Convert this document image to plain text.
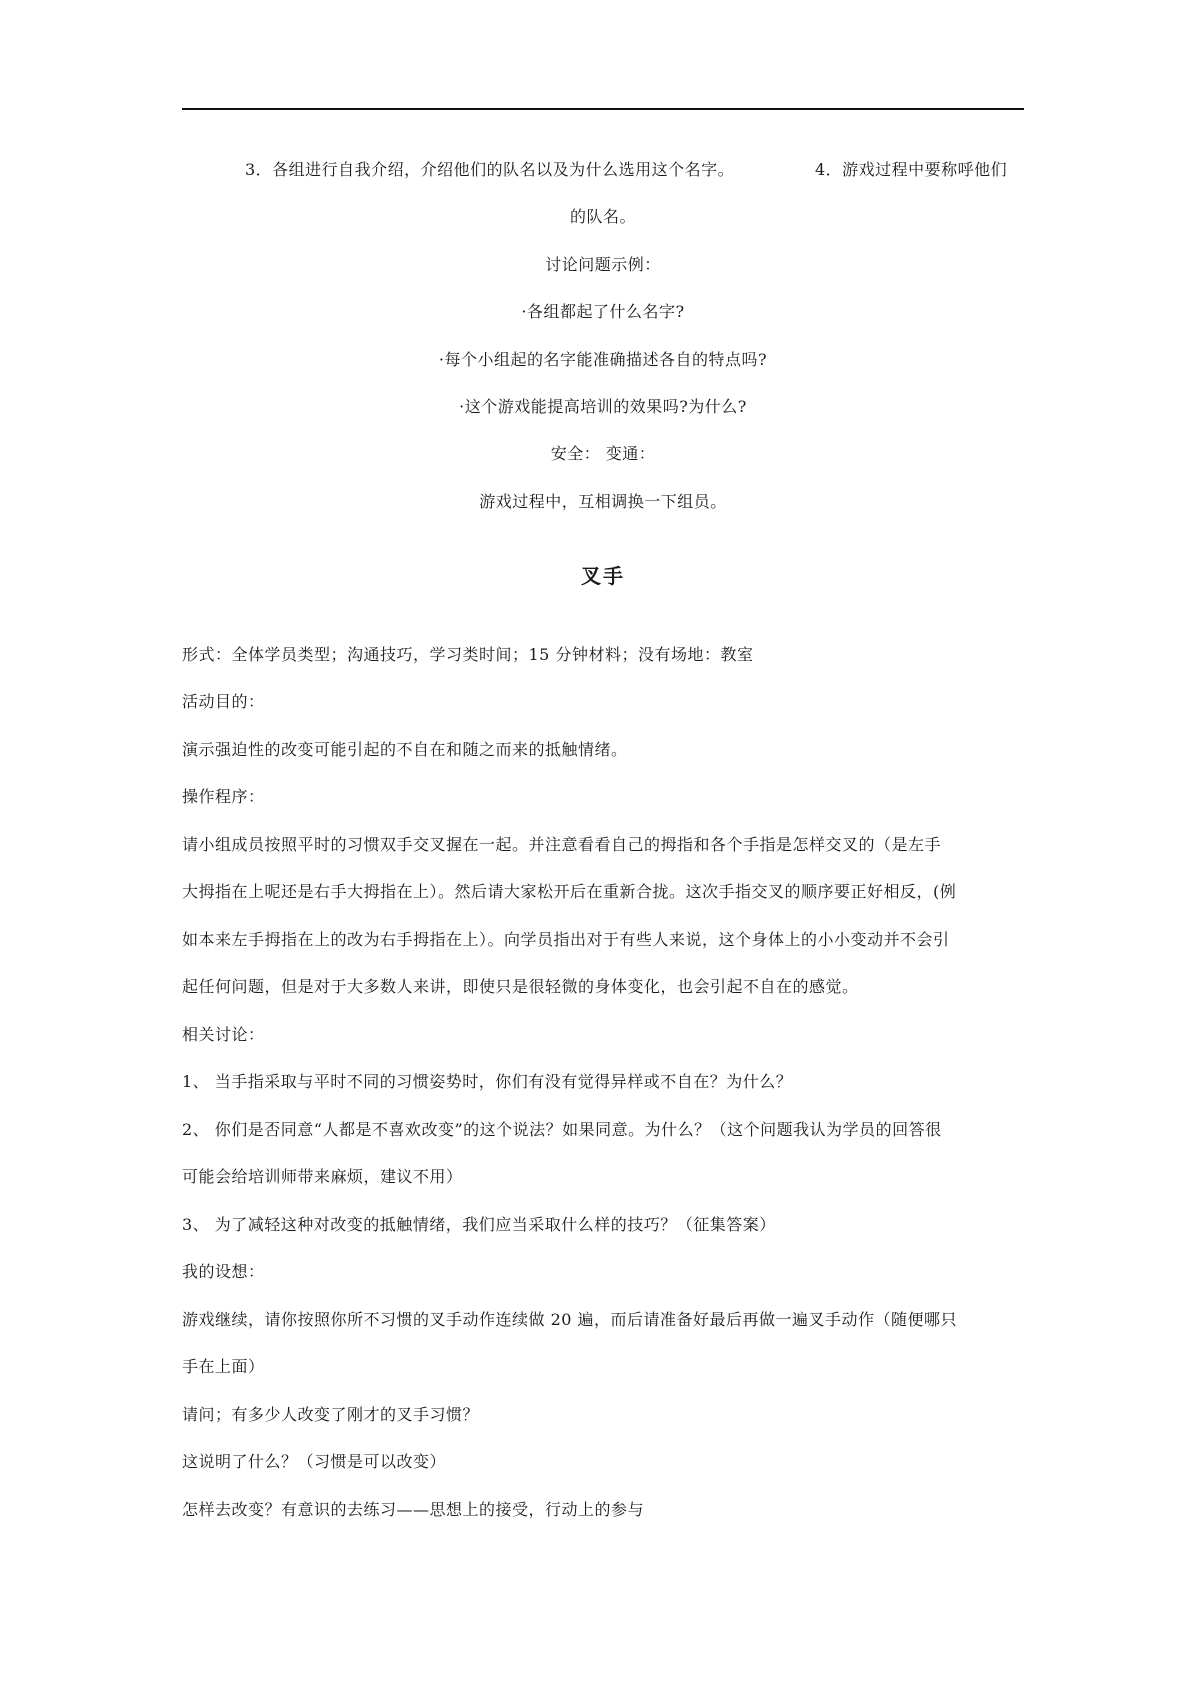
3．各组进行自我介绍，介绍他们的队名以及为什么选用这个名字。	4．游戏过程中要称呼他们
的队名。
讨论问题示例：
·各组都起了什么名字?
·每个小组起的名字能准确描述各自的特点吗?
·这个游戏能提高培训的效果吗?为什么?
安全： 变通：
游戏过程中，互相调换一下组员。
叉手
形式：全体学员类型；沟通技巧，学习类时间；15 分钟材料；没有场地：教室
活动目的：
演示强迫性的改变可能引起的不自在和随之而来的抵触情绪。
操作程序：
请小组成员按照平时的习惯双手交叉握在一起。并注意看看自己的拇指和各个手指是怎样交叉的（是左手
大拇指在上呢还是右手大拇指在上）。然后请大家松开后在重新合拢。这次手指交叉的顺序要正好相反，(例
如本来左手拇指在上的改为右手拇指在上）。向学员指出对于有些人来说，这个身体上的小小变动并不会引
起任何问题，但是对于大多数人来讲，即使只是很轻微的身体变化，也会引起不自在的感觉。
相关讨论：
1、 当手指采取与平时不同的习惯姿势时，你们有没有觉得异样或不自在？为什么？
2、 你们是否同意“人都是不喜欢改变”的这个说法？如果同意。为什么？（这个问题我认为学员的回答很
可能会给培训师带来麻烦，建议不用）
3、 为了减轻这种对改变的抵触情绪，我们应当采取什么样的技巧？（征集答案）
我的设想：
游戏继续，请你按照你所不习惯的叉手动作连续做 20 遍，而后请准备好最后再做一遍叉手动作（随便哪只
手在上面）
请问；有多少人改变了刚才的叉手习惯？
这说明了什么？（习惯是可以改变）
怎样去改变？有意识的去练习——思想上的接受，行动上的参与
